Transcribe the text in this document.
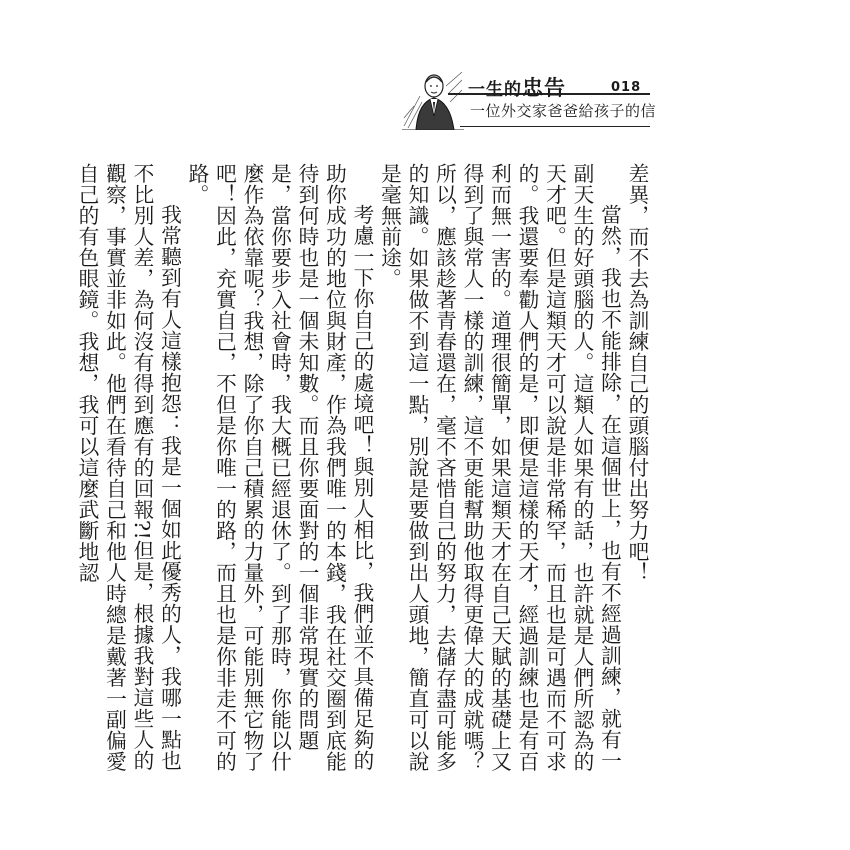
一生的忠告	018
一位外交家爸爸給孩子的信

差異，而不去為訓練自己的頭腦付出努力吧！

當然，我也不能排除，在這個世上，也有不經過訓練，就有一副天生的好頭腦的人。這類人如果有的話，也許就是人們所認為的天才吧。但是這類天才可以說是非常稀罕，而且也是可遇而不可求的。我還要奉勸人們的是，即便是這樣的天才，經過訓練也是有百利而無一害的。道理很簡單，如果這類天才在自己天賦的基礎上又得到了與常人一樣的訓練，這不更能幫助他取得更偉大的成就嗎？所以，應該趁著青春還在，毫不吝惜自己的努力，去儲存盡可能多的知識。如果做不到這一點，別說是要做到出人頭地，簡直可以說是毫無前途。

考慮一下你自己的處境吧！與別人相比，我們並不具備足夠的助你成功的地位與財產，作為我們唯一的本錢，我在社交圈到底能待到何時也是一個未知數。而且你要面對的一個非常現實的問題是，當你要步入社會時，我大概已經退休了。到了那時，你能以什麼作為依靠呢？我想，除了你自己積累的力量外，可能別無它物了吧！因此，充實自己，不但是你唯一的路，而且也是你非走不可的路。

我常聽到有人這樣抱怨：我是一個如此優秀的人，我哪一點也不比別人差，為何沒有得到應有的回報?!但是，根據我對這些人的觀察，事實並非如此。他們在看待自己和他人時總是戴著一副偏愛自己的有色眼鏡。我想，我可以這麼武斷地認
